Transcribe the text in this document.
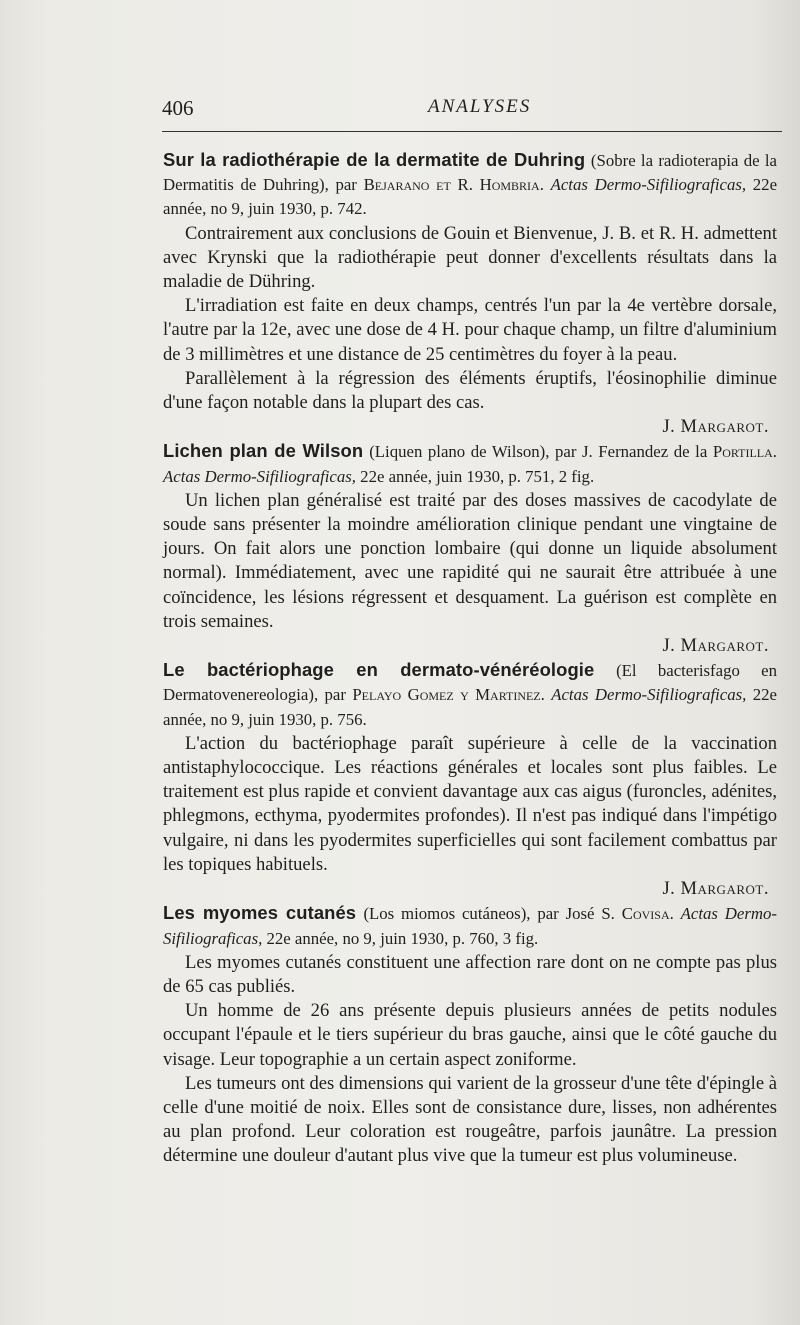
406	ANALYSES

Sur la radiothérapie de la dermatite de Duhring (Sobre la radioterapia de la Dermatitis de Duhring), par Bejarano et R. Hombria. Actas Dermo-Sifiliograficas, 22e année, no 9, juin 1930, p. 742.

Contrairement aux conclusions de Gouin et Bienvenue, J. B. et R. H. admettent avec Krynski que la radiothérapie peut donner d'excellents résultats dans la maladie de Dühring.

L'irradiation est faite en deux champs, centrés l'un par la 4e vertèbre dorsale, l'autre par la 12e, avec une dose de 4 H. pour chaque champ, un filtre d'aluminium de 3 millimètres et une distance de 25 centimètres du foyer à la peau.

Parallèlement à la régression des éléments éruptifs, l'éosinophilie diminue d'une façon notable dans la plupart des cas.

J. Margarot.

Lichen plan de Wilson (Liquen plano de Wilson), par J. Fernandez de la Portilla. Actas Dermo-Sifiliograficas, 22e année, juin 1930, p. 751, 2 fig.

Un lichen plan généralisé est traité par des doses massives de cacodylate de soude sans présenter la moindre amélioration clinique pendant une vingtaine de jours. On fait alors une ponction lombaire (qui donne un liquide absolument normal). Immédiatement, avec une rapidité qui ne saurait être attribuée à une coïncidence, les lésions régressent et desquament. La guérison est complète en trois semaines.

J. Margarot.

Le bactériophage en dermato-vénéréologie (El bacterisfago en Dermatovenereologia), par Pelayo Gomez y Martinez. Actas Dermo-Sifiliograficas, 22e année, no 9, juin 1930, p. 756.

L'action du bactériophage paraît supérieure à celle de la vaccination antistaphylococcique. Les réactions générales et locales sont plus faibles. Le traitement est plus rapide et convient davantage aux cas aigus (furoncles, adénites, phlegmons, ecthyma, pyodermites profondes). Il n'est pas indiqué dans l'impétigo vulgaire, ni dans les pyodermites superficielles qui sont facilement combattus par les topiques habituels.

J. Margarot.

Les myomes cutanés (Los miomos cutáneos), par José S. Covisa. Actas Dermo-Sifiliograficas, 22e année, no 9, juin 1930, p. 760, 3 fig.

Les myomes cutanés constituent une affection rare dont on ne compte pas plus de 65 cas publiés.

Un homme de 26 ans présente depuis plusieurs années de petits nodules occupant l'épaule et le tiers supérieur du bras gauche, ainsi que le côté gauche du visage. Leur topographie a un certain aspect zoniforme.

Les tumeurs ont des dimensions qui varient de la grosseur d'une tête d'épingle à celle d'une moitié de noix. Elles sont de consistance dure, lisses, non adhérentes au plan profond. Leur coloration est rougeâtre, parfois jaunâtre. La pression détermine une douleur d'autant plus vive que la tumeur est plus volumineuse.
